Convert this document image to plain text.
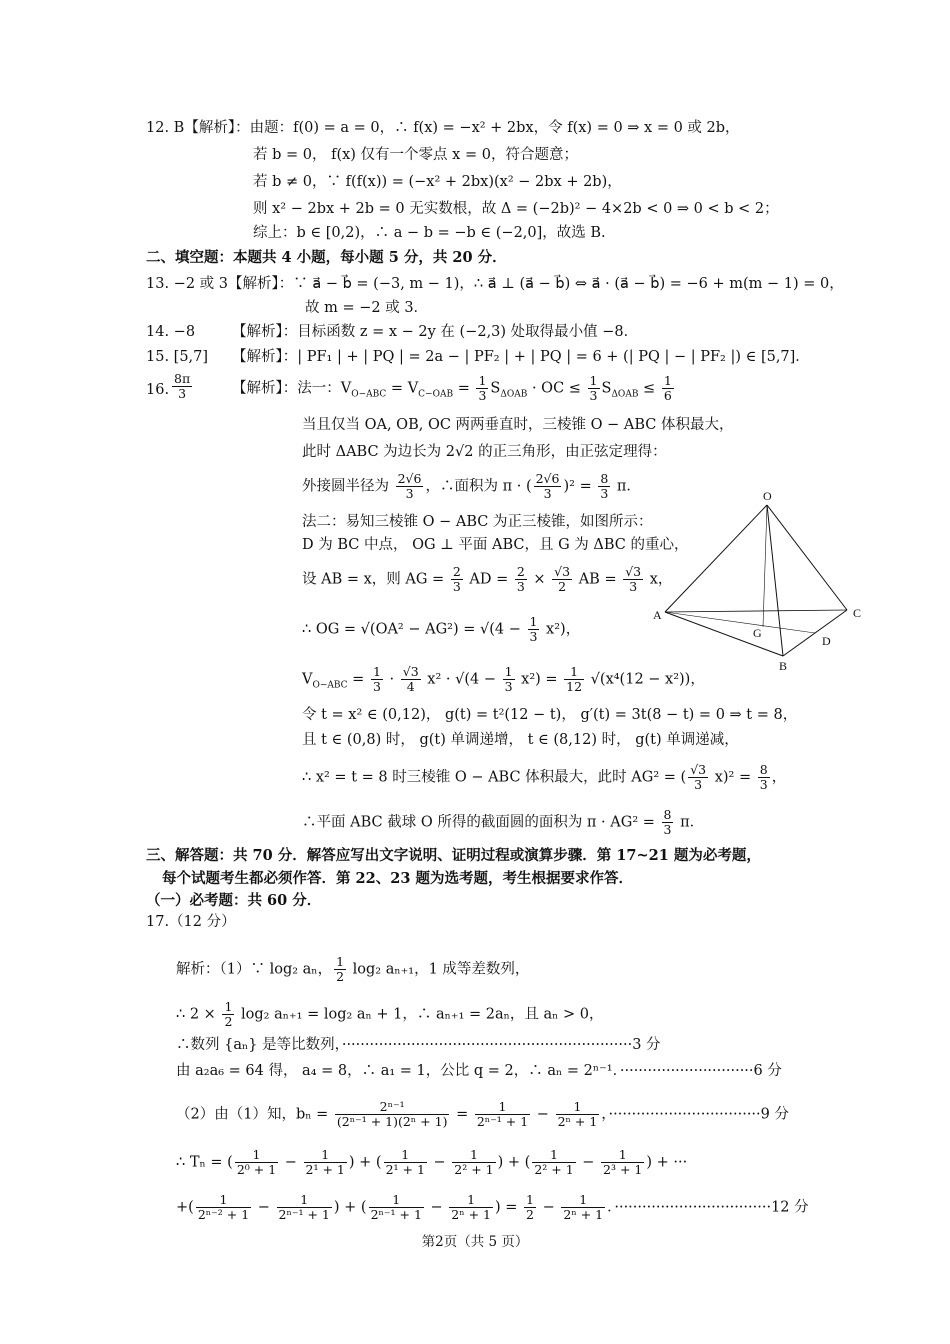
12. B【解析】：由题：f(0) = a = 0，∴ f(x) = −x² + 2bx，令 f(x) = 0 ⇒ x = 0 或 2b，
若 b = 0， f(x) 仅有一个零点 x = 0，符合题意；
若 b ≠ 0，∵ f(f(x)) = (−x² + 2bx)(x² − 2bx + 2b)，
则 x² − 2bx + 2b = 0 无实数根，故 Δ = (−2b)² − 4×2b < 0 ⇒ 0 < b < 2；
综上：b ∈ [0,2)，∴ a − b = −b ∈ (−2,0]，故选 B.
二、填空题：本题共 4 小题，每小题 5 分，共 20 分．
13. −2 或 3【解析】：∵ a⃗ − b⃗ = (−3, m − 1)，∴ a⃗ ⊥ (a⃗ − b⃗) ⇔ a⃗ · (a⃗ − b⃗) = −6 + m(m − 1) = 0，
故 m = −2 或 3．
14. −8	【解析】：目标函数 z = x − 2y 在 (−2,3) 处取得最小值 −8．
15. [5,7] 【解析】：| PF₁ | + | PQ | = 2a − | PF₂ | + | PQ | = 6 + (| PQ | − | PF₂ |) ∈ [5,7]．
16. $\frac{8\pi}{3}$	【解析】：法一：$V_{O-ABC} = V_{C-OAB} = \frac{1}{3} S_{\Delta OAB}$ · OC ≤ $\frac{1}{3} S_{\Delta OAB} \le \frac{1}{6}$
当且仅当 OA, OB, OC 两两垂直时，三棱锥 O − ABC 体积最大，
此时 ΔABC 为边长为 2√2 的正三角形，由正弦定理得：
外接圆半径为 $\frac{2√6}{3}$ ，∴面积为 π · ( $\frac{2√6}{3} )^2 = \frac{8}{3}$ π．
法二：易知三棱锥 O − ABC 为正三棱锥，如图所示：
D 为 BC 中点， OG ⊥ 平面 ABC，且 G 为 ΔBC 的重心，
设 AB = x，则 AG = $\frac{2}{3}$ AD = $\frac{2}{3} \times \frac{√3}{2}$ AB = $\frac{√3}{3}$ x，
∴ OG = $√(OA^2 - AG^2) = √(4 - \frac{1}{3} x^2)$，
$V_{O-ABC} = \frac{1}{3} \cdot \frac{√3}{4} x^2 \cdot √(4 - \frac{1}{3} x^2) = \frac{1}{12} √(x^4(12 - x^2))$，
令 t = x² ∈ (0,12)， g(t) = t²(12 − t)， g′(t) = 3t(8 − t) = 0 ⇒ t = 8，
且 t ∈ (0,8) 时， g(t) 单调递增， t ∈ (8,12) 时， g(t) 单调递减，
∴ x² = t = 8 时三棱锥 O − ABC 体积最大，此时 AG² = ( $\frac{√3}{3} x)^2 = \frac{8}{3}$ ，
∴平面 ABC 截球 O 所得的截面圆的面积为 $\pi \cdot AG^2 = \frac{8}{3}$ π．
O
A	C
G
D
B
三、解答题：共 70 分．解答应写出文字说明、证明过程或演算步骤．第 17~21 题为必考题，
每个试题考生都必须作答．第 22、23 题为选考题，考生根据要求作答．
（一）必考题：共 60 分．
17.（12 分）
解析：（1）∵ log₂ aₙ， $\frac{1}{2} \log_2$ aₙ₊₁，1 成等差数列，
∴ $2 \times \frac{1}{2} \log_2$ aₙ₊₁ = log₂ aₙ + 1，∴ aₙ₊₁ = 2aₙ，且 aₙ > 0，
∴数列 {aₙ} 是等比数列，·······························································3 分
由 a₂a₆ = 64 得， a₄ = 8，∴ a₁ = 1，公比 q = 2，∴ aₙ = 2ⁿ⁻¹．·····························6 分
（2）由（1）知，$b_n = \frac{\text{2ⁿ⁻¹}}{\text{(2ⁿ⁻¹ + 1)(2ⁿ + 1)}} = \frac{1}{\text{2ⁿ⁻¹ + 1}} - \frac{1}{\text{2ⁿ + 1}}$ ，·································9 分
∴ Tₙ = ( $\frac{1}{\text{2⁰ + 1}} - \frac{1}{\text{2¹ + 1}}$ ) + ( $\frac{1}{\text{2¹ + 1}} - \frac{1}{\text{2² + 1}}$ ) + ( $\frac{1}{\text{2² + 1}} - \frac{1}{\text{2³ + 1}}$ ) + ···
+( $\frac{1}{\text{2ⁿ⁻² + 1}} - \frac{1}{\text{2ⁿ⁻¹ + 1}}$ ) + ( $\frac{1}{\text{2ⁿ⁻¹ + 1}} - \frac{1}{\text{2ⁿ + 1}}$ ) = $\frac{1}{2} - \frac{1}{\text{2ⁿ + 1}}$ ．··································12 分
第2页（共 5 页）
